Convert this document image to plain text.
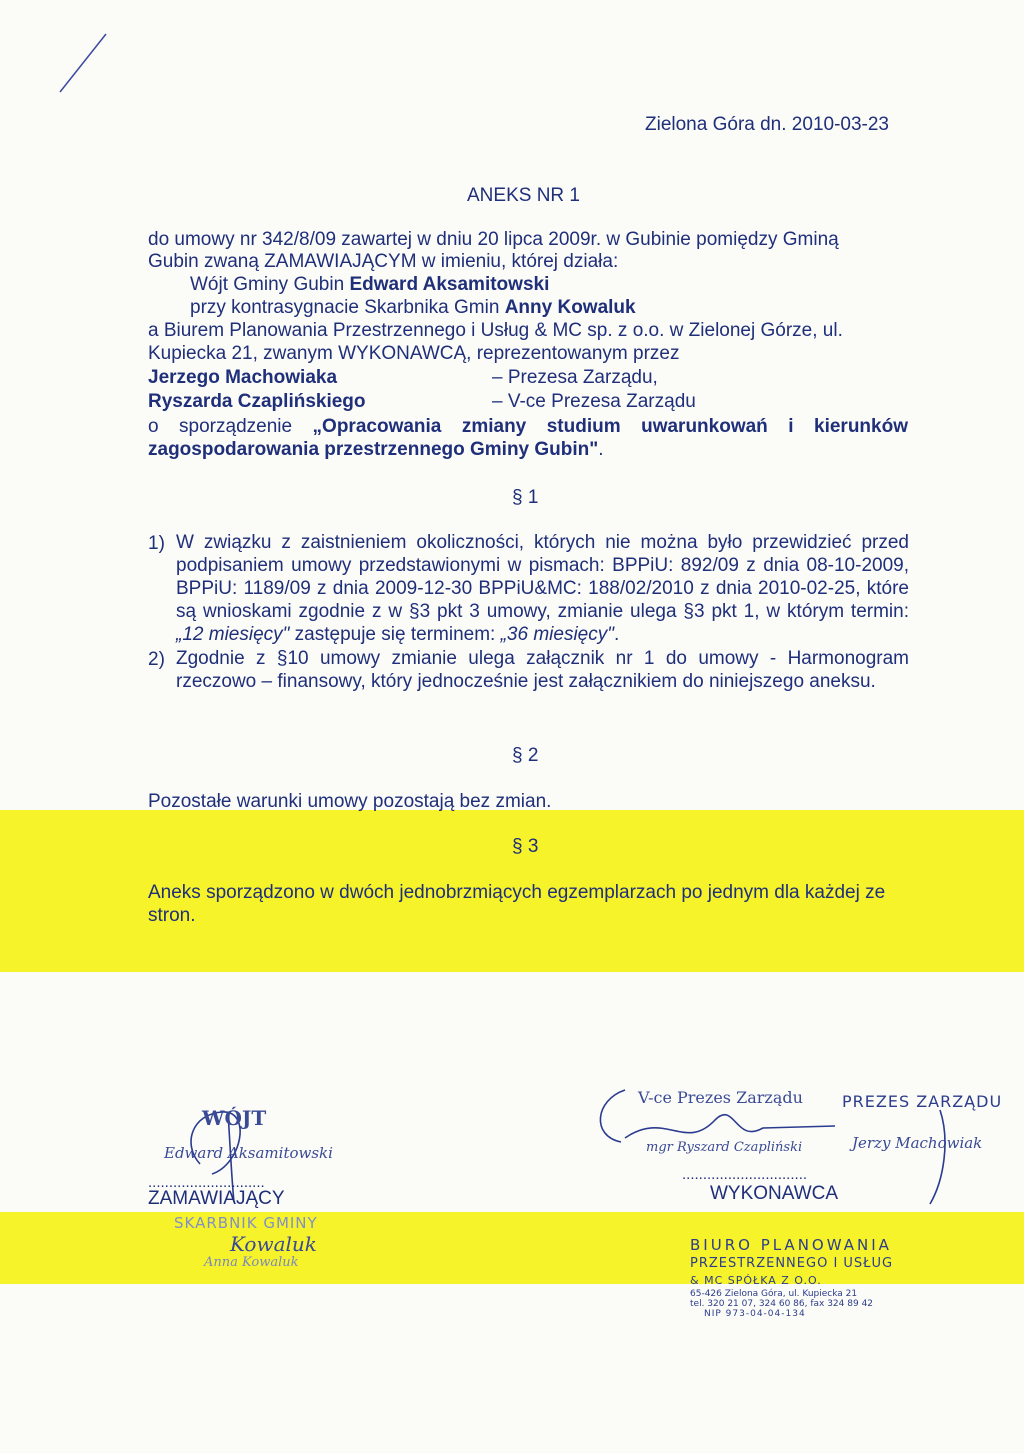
Zielona Góra dn. 2010-03-23
ANEKS NR 1
do umowy nr 342/8/09 zawartej w dniu 20 lipca 2009r. w Gubinie pomiędzy Gminą
Gubin zwaną ZAMAWIAJĄCYM w imieniu, której działa:
Wójt Gminy Gubin Edward Aksamitowski
przy kontrasygnacie Skarbnika Gmin Anny Kowaluk
a Biurem Planowania Przestrzennego i Usług & MC sp. z o.o. w Zielonej Górze, ul.
Kupiecka 21, zwanym WYKONAWCĄ, reprezentowanym przez
Jerzego Machowiaka	– Prezesa Zarządu,
Ryszarda Czaplińskiego	– V-ce Prezesa Zarządu
o sporządzenie „Opracowania zmiany studium uwarunkowań i kierunków zagospodarowania przestrzennego Gminy Gubin".
§ 1
1) W związku z zaistnieniem okoliczności, których nie można było przewidzieć przed podpisaniem umowy przedstawionymi w pismach: BPPiU: 892/09 z dnia 08-10-2009, BPPiU: 1189/09 z dnia 2009-12-30 BPPiU&MC: 188/02/2010 z dnia 2010-02-25, które są wnioskami zgodnie z w §3 pkt 3 umowy, zmianie ulega §3 pkt 1, w którym termin: „12 miesięcy" zastępuje się terminem: „36 miesięcy".
2) Zgodnie z §10 umowy zmianie ulega załącznik nr 1 do umowy - Harmonogram rzeczowo – finansowy, który jednocześnie jest załącznikiem do niniejszego aneksu.
§ 2
Pozostałe warunki umowy pozostają bez zmian.
§ 3
Aneks sporządzono w dwóch jednobrzmiących egzemplarzach po jednym dla każdej ze stron.
WÓJT
Edward Aksamitowski
............................
ZAMAWIAJĄCY
SKARBNIK GMINY
Kowaluk
Anna Kowaluk
V-ce Prezes Zarządu
mgr Ryszard Czapliński
PREZES ZARZĄDU
Jerzy Machowiak
..............................
WYKONAWCA
BIURO PLANOWANIA
PRZESTRZENNEGO I USŁUG
& MC SPÓŁKA Z O.O.
65-426 Zielona Góra, ul. Kupiecka 21
tel. 320 21 07, 324 60 86, fax 324 89 42
NIP 973-04-04-134
